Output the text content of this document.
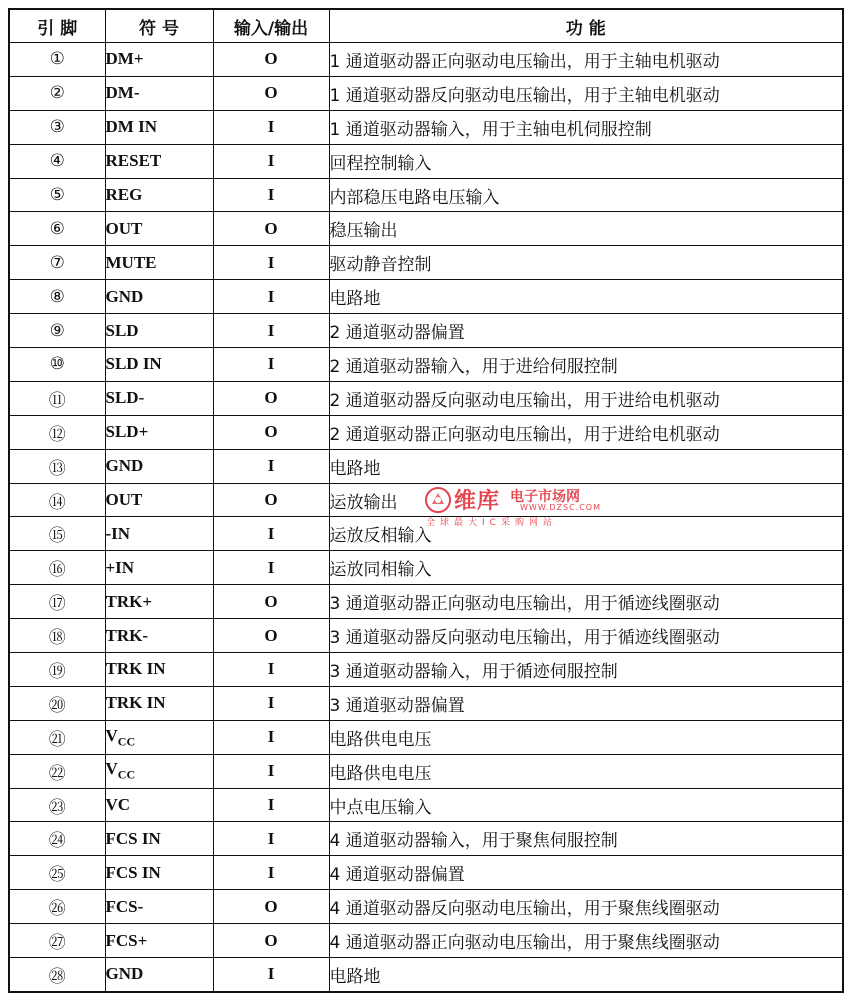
引 脚	符 号	输入/输出	功 能
①	DM+	O	1 通道驱动器正向驱动电压输出，用于主轴电机驱动
②	DM-	O	1 通道驱动器反向驱动电压输出，用于主轴电机驱动
③	DM IN	I	1 通道驱动器输入，用于主轴电机伺服控制
④	RESET	I	回程控制输入
⑤	REG	I	内部稳压电路电压输入
⑥	OUT	O	稳压输出
⑦	MUTE	I	驱动静音控制
⑧	GND	I	电路地
⑨	SLD	I	2 通道驱动器偏置
⑩	SLD IN	I	2 通道驱动器输入，用于进给伺服控制
⑪	SLD-	O	2 通道驱动器反向驱动电压输出，用于进给电机驱动
⑫	SLD+	O	2 通道驱动器正向驱动电压输出，用于进给电机驱动
⑬	GND	I	电路地
⑭	OUT	O	运放输出
⑮	-IN	I	运放反相输入
⑯	+IN	I	运放同相输入
⑰	TRK+	O	3 通道驱动器正向驱动电压输出，用于循迹线圈驱动
⑱	TRK-	O	3 通道驱动器反向驱动电压输出，用于循迹线圈驱动
⑲	TRK IN	I	3 通道驱动器输入，用于循迹伺服控制
⑳	TRK IN	I	3 通道驱动器偏置
㉑	$V_{CC}$	I	电路供电电压
㉒	$V_{CC}$	I	电路供电电压
㉓	VC	I	中点电压输入
㉔	FCS IN	I	4 通道驱动器输入，用于聚焦伺服控制
㉕	FCS IN	I	4 通道驱动器偏置
㉖	FCS-	O	4 通道驱动器反向驱动电压输出，用于聚焦线圈驱动
㉗	FCS+	O	4 通道驱动器正向驱动电压输出，用于聚焦线圈驱动
㉘	GND	I	电路地
维库 电子市场网
WWW.DZSC.COM
全球最大IC采购网站
